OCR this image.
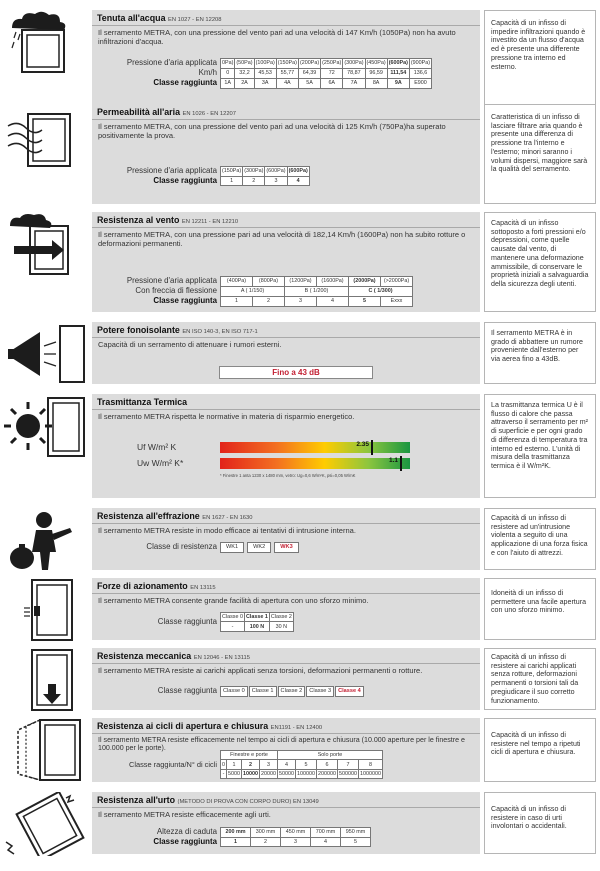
Tenuta all'acqua EN 1027 - EN 12208
Il serramento METRA, con una pressione del vento pari ad una velocità di 147 Km/h (1050Pa) non ha avuto infiltrazioni d'acqua.
Pressione d'aria applicata
Km/h
Classe raggiunta
0Pa)	(50Pa)	(100Pa)	(150Pa)	(200Pa)	(250Pa)	(300Pa)	(450Pa)	(600Pa)	(900Pa)
0	32,2	45,53	55,77	64,39	72	78,87	96,59	111,54	136,6
1A	2A	3A	4A	5A	6A	7A	8A	9A	E900
Capacità di un infisso di impedire infiltrazioni quando è investito da un flusso d'acqua ed è presente una differente pressione tra interno ed esterno.
Permeabilità all'aria EN 1026 - EN 12207
Il serramento METRA, con una pressione del vento pari ad una velocità di 125 Km/h (750Pa)ha superato positivamente la prova.
Pressione d'aria applicata
Classe raggiunta
(150Pa)	(300Pa)	(600Pa)	(600Pa)
1	2	3	4
Caratteristica di un infisso di lasciare filtrare aria quando è presente una differenza di pressione tra l'interno e l'esterno; minori saranno i volumi dispersi, maggiore sarà la qualità del serramento.
Resistenza al vento EN 12211 - EN 12210
Il serramento METRA, con una pressione pari ad una velocità di 182,14 Km/h (1600Pa) non ha subito rotture o deformazioni permanenti.
Pressione d'aria applicata
Con freccia di flessione
Classe raggiunta
(400Pa)	(800Pa)	(1200Pa)	(1600Pa)	(2000Pa)	(>2000Pa)
A ( 1/150)		B ( 1/200)		C ( 1/300)	
1	2	3	4	5	Exxx
Capacità di un infisso sottoposto a forti pressioni e/o depressioni, come quelle causate dal vento, di mantenere una deformazione ammissibile, di conservare le proprietà iniziali a salvaguardia della sicurezza degli utenti.
Potere fonoisolante EN ISO 140-3, EN ISO 717-1
Capacità di un serramento di attenuare i rumori esterni.
Fino a 43 dB
Il serramento METRA è in grado di abbattere un rumore proveniente dall'esterno per via aerea fino a 43dB.
Trasmittanza Termica
Il serramento METRA rispetta le normative in materia di risparmio energetico.
Uf W/m² K
Uw W/m² K*
2.35
1.1
* Finestre 1 anta 1230 x 1480 mm, vetro: Ug=0,6 W/m²K, psi=0,05 W/mK
La trasmittanza termica U è il flusso di calore che passa attraverso il serramento per m² di superficie e per ogni grado di differenza di temperatura tra interno ed esterno. L'unità di misura della trasmittanza termica è il W/m²K.
Resistenza all'effrazione EN 1627 - EN 1630
Il serramento METRA resiste in modo efficace ai tentativi di intrusione interna.
Classe di resistenza	WK1	WK2	WK3
Capacità di un infisso di resistere ad un'intrusione violenta a seguito di una applicazione di una forza fisica e con l'aiuto di attrezzi.
Forze di azionamento EN 13115
Il serramento METRA consente grande facilità di apertura con uno sforzo minimo.
Classe raggiunta Classe 0	Classe 1	Classe 2
-	100 N	30 N
Idoneità di un infisso di permettere una facile apertura con uno sforzo minimo.
Resistenza meccanica EN 12046 - EN 13115
Il serramento METRA resiste ai carichi applicati senza torsioni, deformazioni permanenti o rotture.
Classe raggiunta	Classe 0	Classe 1	Classe 2	Classe 3	Classe 4
Capacità di un infisso di resistere ai carichi applicati senza rotture, deformazioni permanenti o torsioni tali da pregiudicare il suo corretto funzionamento.
Resistenza ai cicli di apertura e chiusura EN1191 - EN 12400
Il serramento METRA resiste efficacemente nel tempo ai cicli di apertura e chiusura (10.000 aperture per le finestre e 100.000 per le porte).
Classe raggiunta/N° di cicli
Finestre e porte				Solo porte				
0	1	2	3	4	5	6	7	8
-	5000	10000	20000	50000	100000	200000	500000	1000000
Capacità di un infisso di resistere nel tempo a ripetuti cicli di apertura e chiusura.
Resistenza all'urto (METODO DI PROVA CON CORPO DURO) EN 13049
Il serramento METRA resiste efficacemente agli urti.
Altezza di caduta
Classe raggiunta
200 mm	300 mm	450 mm	700 mm	950 mm
1	2	3	4	5
Capacità di un infisso di resistere in caso di urti involontari o accidentali.
